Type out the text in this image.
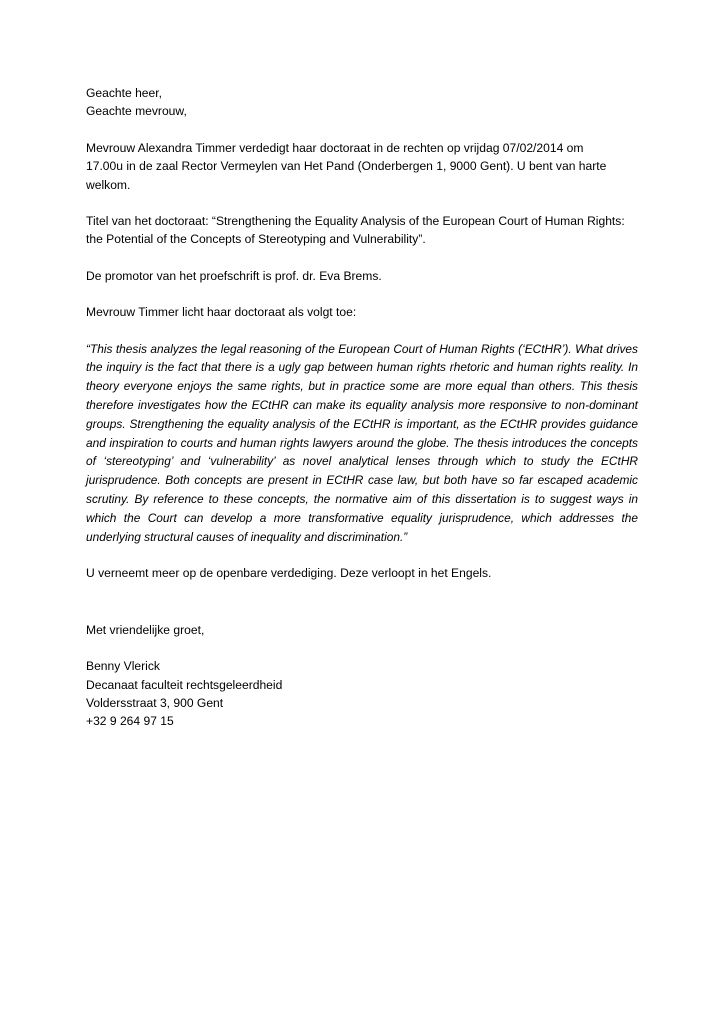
Geachte heer,
Geachte mevrouw,

Mevrouw Alexandra Timmer verdedigt haar doctoraat in de rechten op vrijdag 07/02/2014 om
17.00u in de zaal Rector Vermeylen van Het Pand (Onderbergen 1, 9000 Gent). U bent van harte
welkom.

Titel van het doctoraat: “Strengthening the Equality Analysis of the European Court of Human Rights:
the Potential of the Concepts of Stereotyping and Vulnerability”.

De promotor van het proefschrift is prof. dr. Eva Brems.

Mevrouw Timmer licht haar doctoraat als volgt toe:

“This thesis analyzes the legal reasoning of the European Court of Human Rights (‘ECtHR’). What drives the inquiry is the fact that there is a ugly gap between human rights rhetoric and human rights reality. In theory everyone enjoys the same rights, but in practice some are more equal than others. This thesis therefore investigates how the ECtHR can make its equality analysis more responsive to non-dominant groups. Strengthening the equality analysis of the ECtHR is important, as the ECtHR provides guidance and inspiration to courts and human rights lawyers around the globe. The thesis introduces the concepts of ‘stereotyping’ and ‘vulnerability’ as novel analytical lenses through which to study the ECtHR jurisprudence. Both concepts are present in ECtHR case law, but both have so far escaped academic scrutiny. By reference to these concepts, the normative aim of this dissertation is to suggest ways in which the Court can develop a more transformative equality jurisprudence, which addresses the underlying structural causes of inequality and discrimination.”

U verneemt meer op de openbare verdediging. Deze verloopt in het Engels.

Met vriendelijke groet,

Benny Vlerick
Decanaat faculteit rechtsgeleerdheid
Voldersstraat 3, 900 Gent
+32 9 264 97 15
